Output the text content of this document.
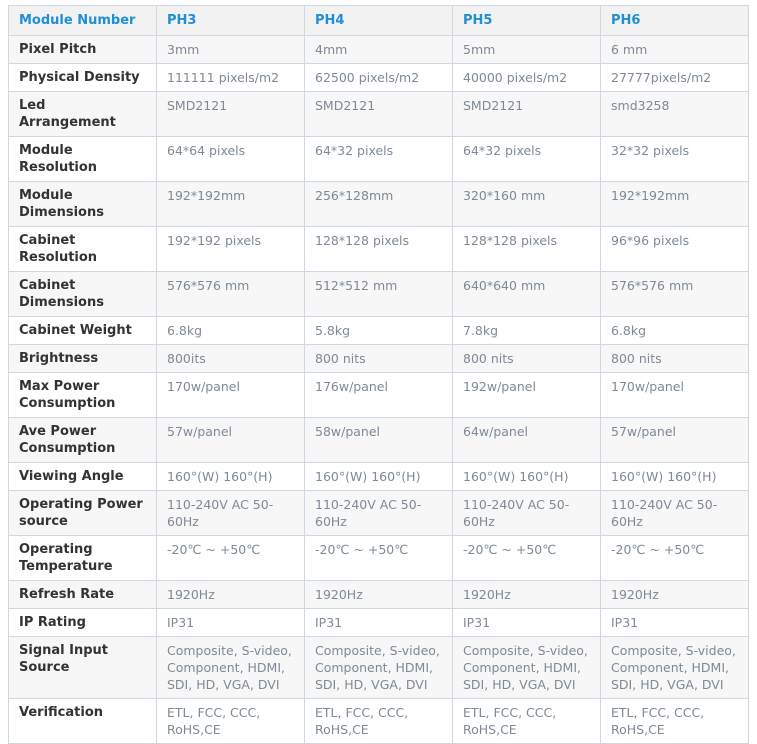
Module Number	PH3	PH4	PH5	PH6
Pixel Pitch	3mm	4mm	5mm	6 mm
Physical Density	111111 pixels/m2	62500 pixels/m2	40000 pixels/m2	27777pixels/m2
Led Arrangement	SMD2121	SMD2121	SMD2121	smd3258
Module Resolution	64*64 pixels	64*32 pixels	64*32 pixels	32*32 pixels
Module Dimensions	192*192mm	256*128mm	320*160 mm	192*192mm
Cabinet Resolution	192*192 pixels	128*128 pixels	128*128 pixels	96*96 pixels
Cabinet Dimensions	576*576 mm	512*512 mm	640*640 mm	576*576 mm
Cabinet Weight	6.8kg	5.8kg	7.8kg	6.8kg
Brightness	800its	800 nits	800 nits	800 nits
Max Power Consumption	170w/panel	176w/panel	192w/panel	170w/panel
Ave Power Consumption	57w/panel	58w/panel	64w/panel	57w/panel
Viewing Angle	160°(W) 160°(H)	160°(W) 160°(H)	160°(W) 160°(H)	160°(W) 160°(H)
Operating Power source	110-240V AC 50-60Hz	110-240V AC 50-60Hz	110-240V AC 50-60Hz	110-240V AC 50-60Hz
Operating Temperature	-20℃ ~ +50℃	-20℃ ~ +50℃	-20℃ ~ +50℃	-20℃ ~ +50℃
Refresh Rate	1920Hz	1920Hz	1920Hz	1920Hz
IP Rating	IP31	IP31	IP31	IP31
Signal Input Source	Composite, S-video, Component, HDMI, SDI, HD, VGA, DVI	Composite, S-video, Component, HDMI, SDI, HD, VGA, DVI	Composite, S-video, Component, HDMI, SDI, HD, VGA, DVI	Composite, S-video, Component, HDMI, SDI, HD, VGA, DVI
Verification	ETL, FCC, CCC, RoHS,CE	ETL, FCC, CCC, RoHS,CE	ETL, FCC, CCC, RoHS,CE	ETL, FCC, CCC, RoHS,CE
